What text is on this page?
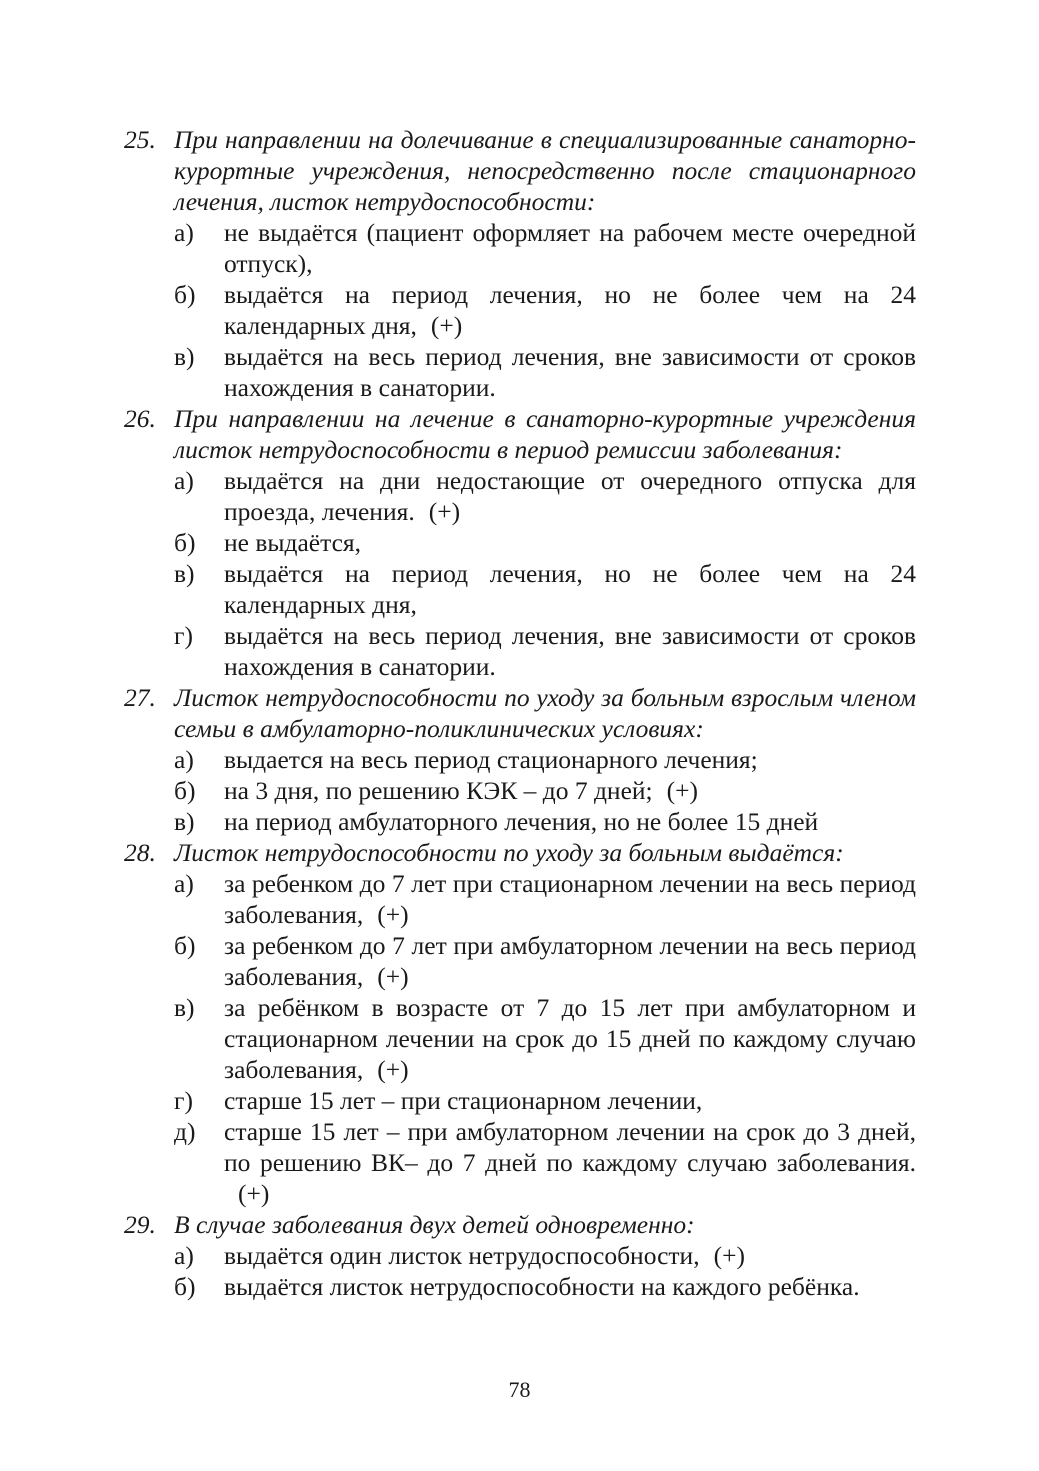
25. При направлении на долечивание в специализированные санаторно-курортные учреждения, непосредственно после стационарного лечения, листок нетрудоспособности:
а)	не выдаётся (пациент оформляет на рабочем месте очередной отпуск),
б)	выдаётся на период лечения, но не более чем на 24 календарных дня, (+)
в)	выдаётся на весь период лечения, вне зависимости от сроков нахождения в санатории.
26. При направлении на лечение в санаторно-курортные учреждения листок нетрудоспособности в период ремиссии заболевания:
а)	выдаётся на дни недостающие от очередного отпуска для проезда, лечения. (+)
б)	не выдаётся,
в)	выдаётся на период лечения, но не более чем на 24 календарных дня,
г)	выдаётся на весь период лечения, вне зависимости от сроков нахождения в санатории.
27. Листок нетрудоспособности по уходу за больным взрослым членом семьи в амбулаторно-поликлинических условиях:
а)	выдается на весь период стационарного лечения;
б)	на 3 дня, по решению КЭК – до 7 дней; (+)
в)	на период амбулаторного лечения, но не более 15 дней
28. Листок нетрудоспособности по уходу за больным выдаётся:
а)	за ребенком до 7 лет при стационарном лечении на весь период заболевания, (+)
б)	за ребенком до 7 лет при амбулаторном лечении на весь период заболевания, (+)
в)	за ребёнком в возрасте от 7 до 15 лет при амбулаторном и стационарном лечении на срок до 15 дней по каждому случаю заболевания, (+)
г)	старше 15 лет – при стационарном лечении,
д)	старше 15 лет – при амбулаторном лечении на срок до 3 дней, по решению ВК– до 7 дней по каждому случаю заболевания.(+)
29. В случае заболевания двух детей одновременно:
а)	выдаётся один листок нетрудоспособности, (+)
б)	выдаётся листок нетрудоспособности на каждого ребёнка.
78
